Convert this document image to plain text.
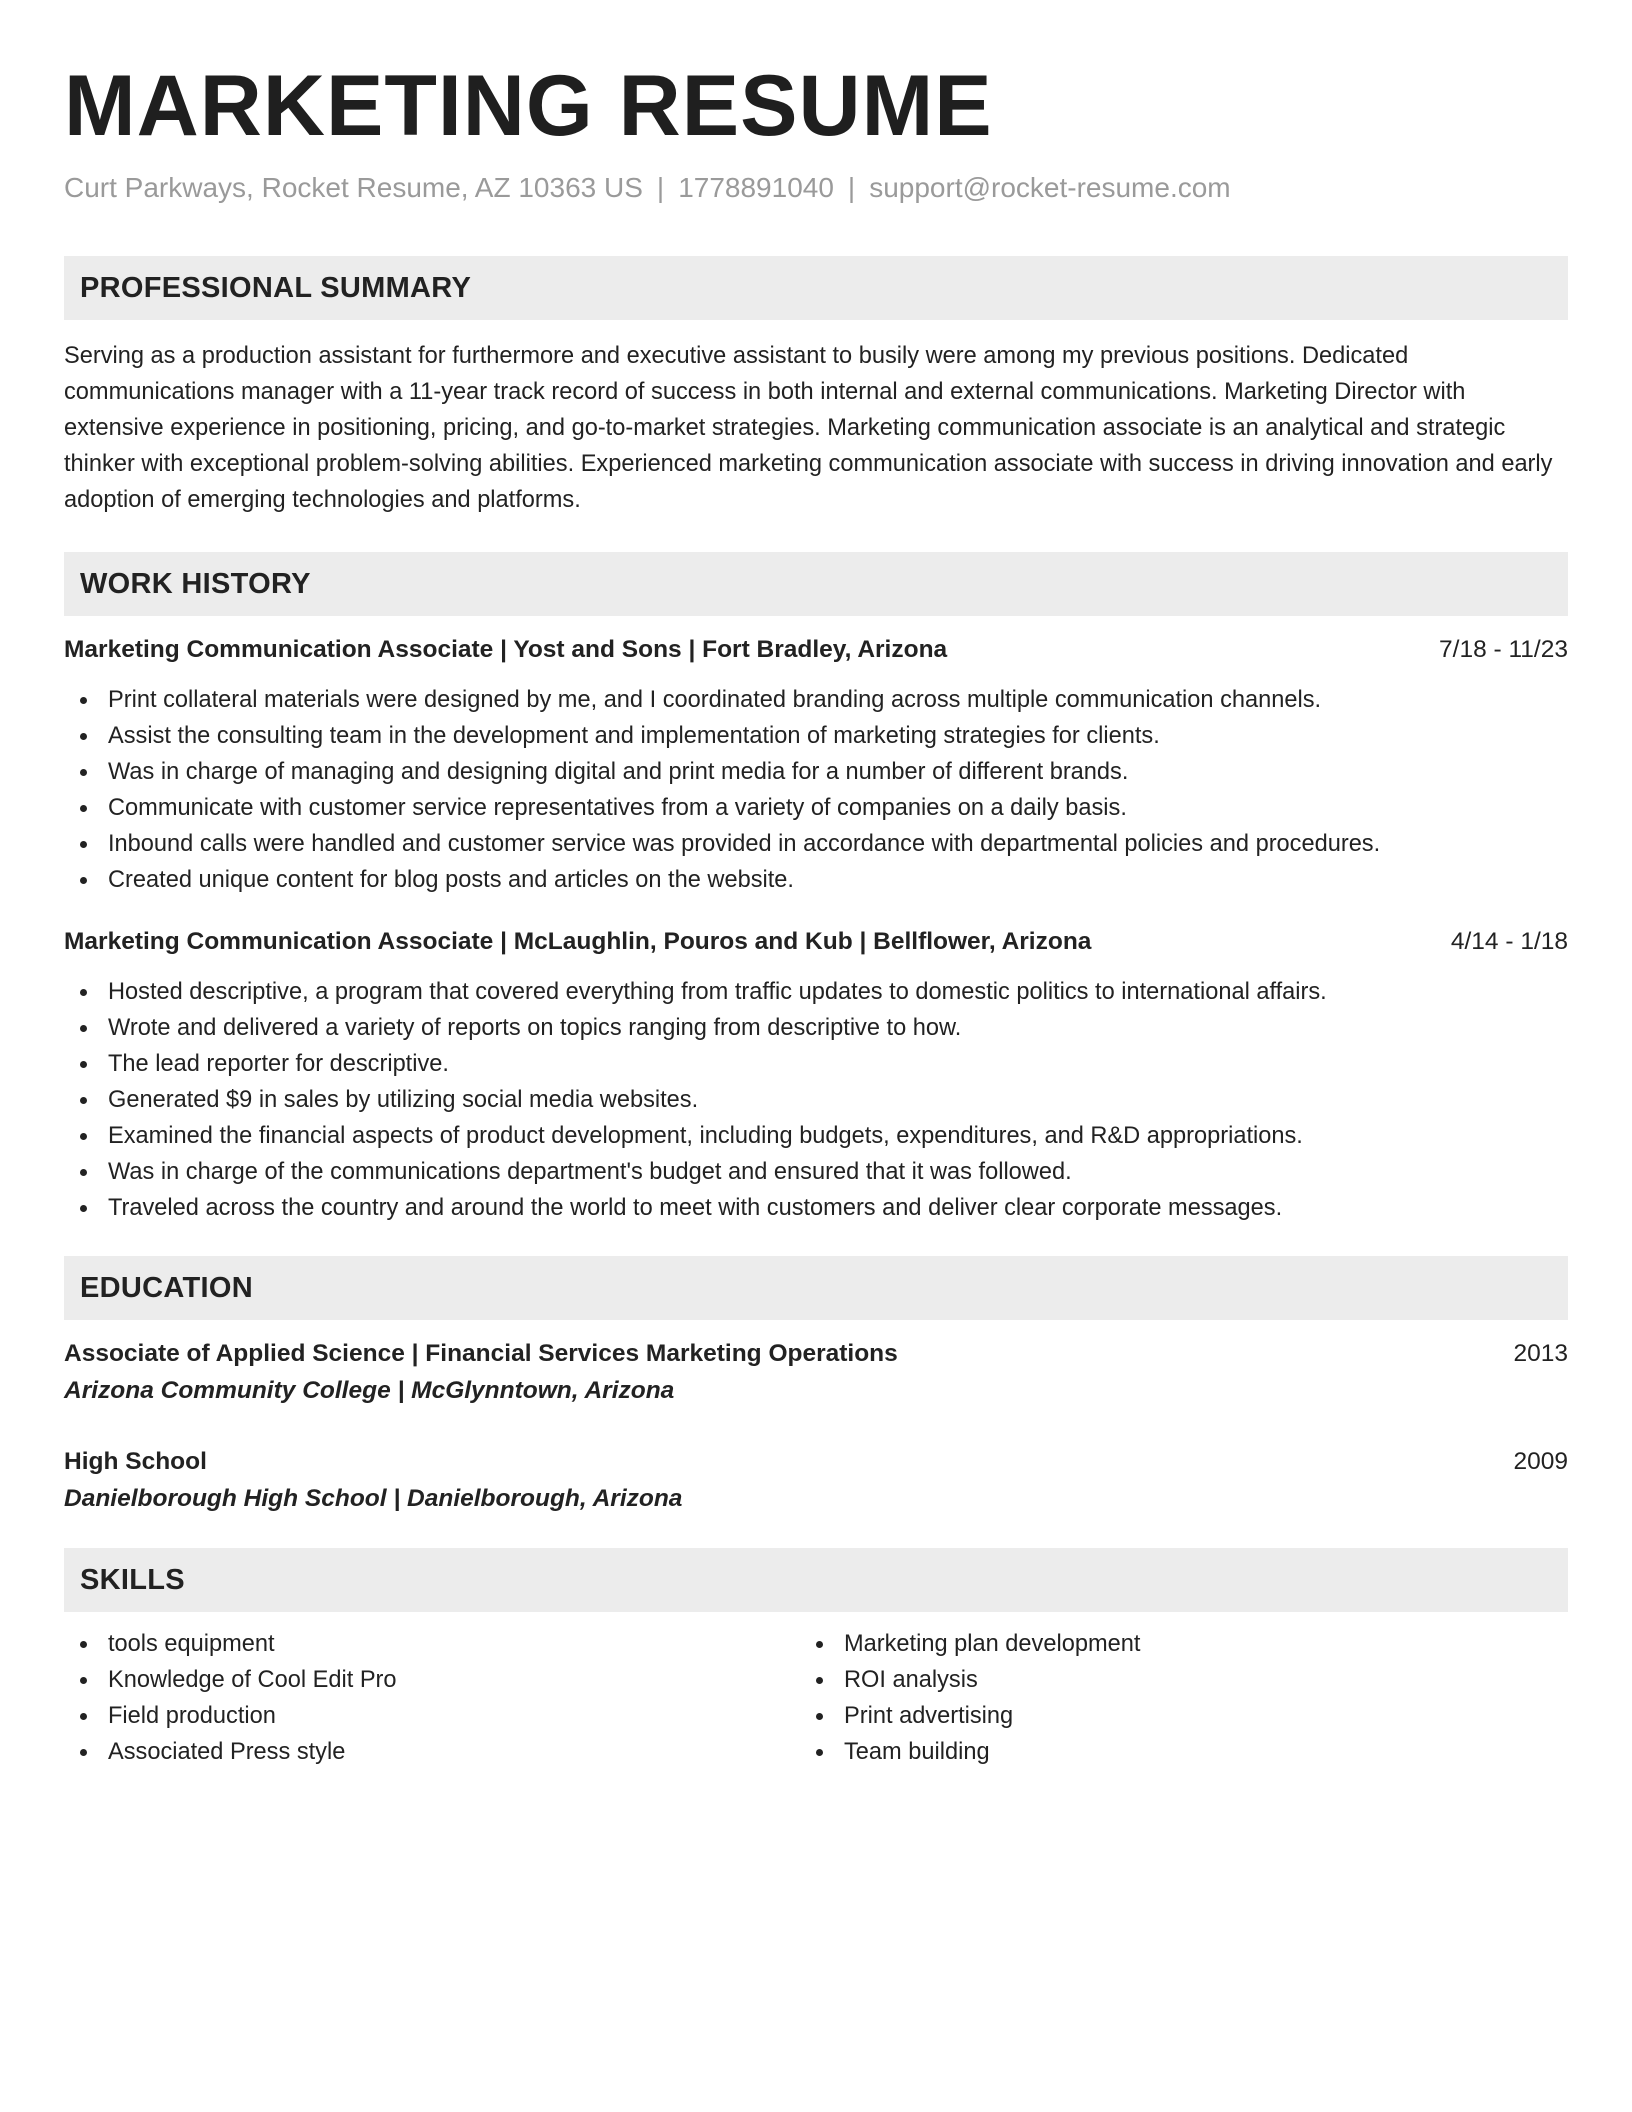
MARKETING RESUME
Curt Parkways, Rocket Resume, AZ 10363 US | 1778891040 | support@rocket-resume.com
PROFESSIONAL SUMMARY

Serving as a production assistant for furthermore and executive assistant to busily were among my previous positions. Dedicated communications manager with a 11-year track record of success in both internal and external communications. Marketing Director with extensive experience in positioning, pricing, and go-to-market strategies. Marketing communication associate is an analytical and strategic thinker with exceptional problem-solving abilities. Experienced marketing communication associate with success in driving innovation and early adoption of emerging technologies and platforms.

WORK HISTORY
Marketing Communication Associate | Yost and Sons | Fort Bradley, Arizona	7/18 - 11/23
Print collateral materials were designed by me, and I coordinated branding across multiple communication channels.
Assist the consulting team in the development and implementation of marketing strategies for clients.
Was in charge of managing and designing digital and print media for a number of different brands.
Communicate with customer service representatives from a variety of companies on a daily basis.
Inbound calls were handled and customer service was provided in accordance with departmental policies and procedures.
Created unique content for blog posts and articles on the website.
Marketing Communication Associate | McLaughlin, Pouros and Kub | Bellflower, Arizona	4/14 - 1/18
Hosted descriptive, a program that covered everything from traffic updates to domestic politics to international affairs.
Wrote and delivered a variety of reports on topics ranging from descriptive to how.
The lead reporter for descriptive.
Generated $9 in sales by utilizing social media websites.
Examined the financial aspects of product development, including budgets, expenditures, and R&D appropriations.
Was in charge of the communications department's budget and ensured that it was followed.
Traveled across the country and around the world to meet with customers and deliver clear corporate messages.
EDUCATION
Associate of Applied Science | Financial Services Marketing Operations	2013
Arizona Community College | McGlynntown, Arizona
High School	2009
Danielborough High School | Danielborough, Arizona
SKILLS
tools equipment
Knowledge of Cool Edit Pro
Field production
Associated Press style
Marketing plan development
ROI analysis
Print advertising
Team building
